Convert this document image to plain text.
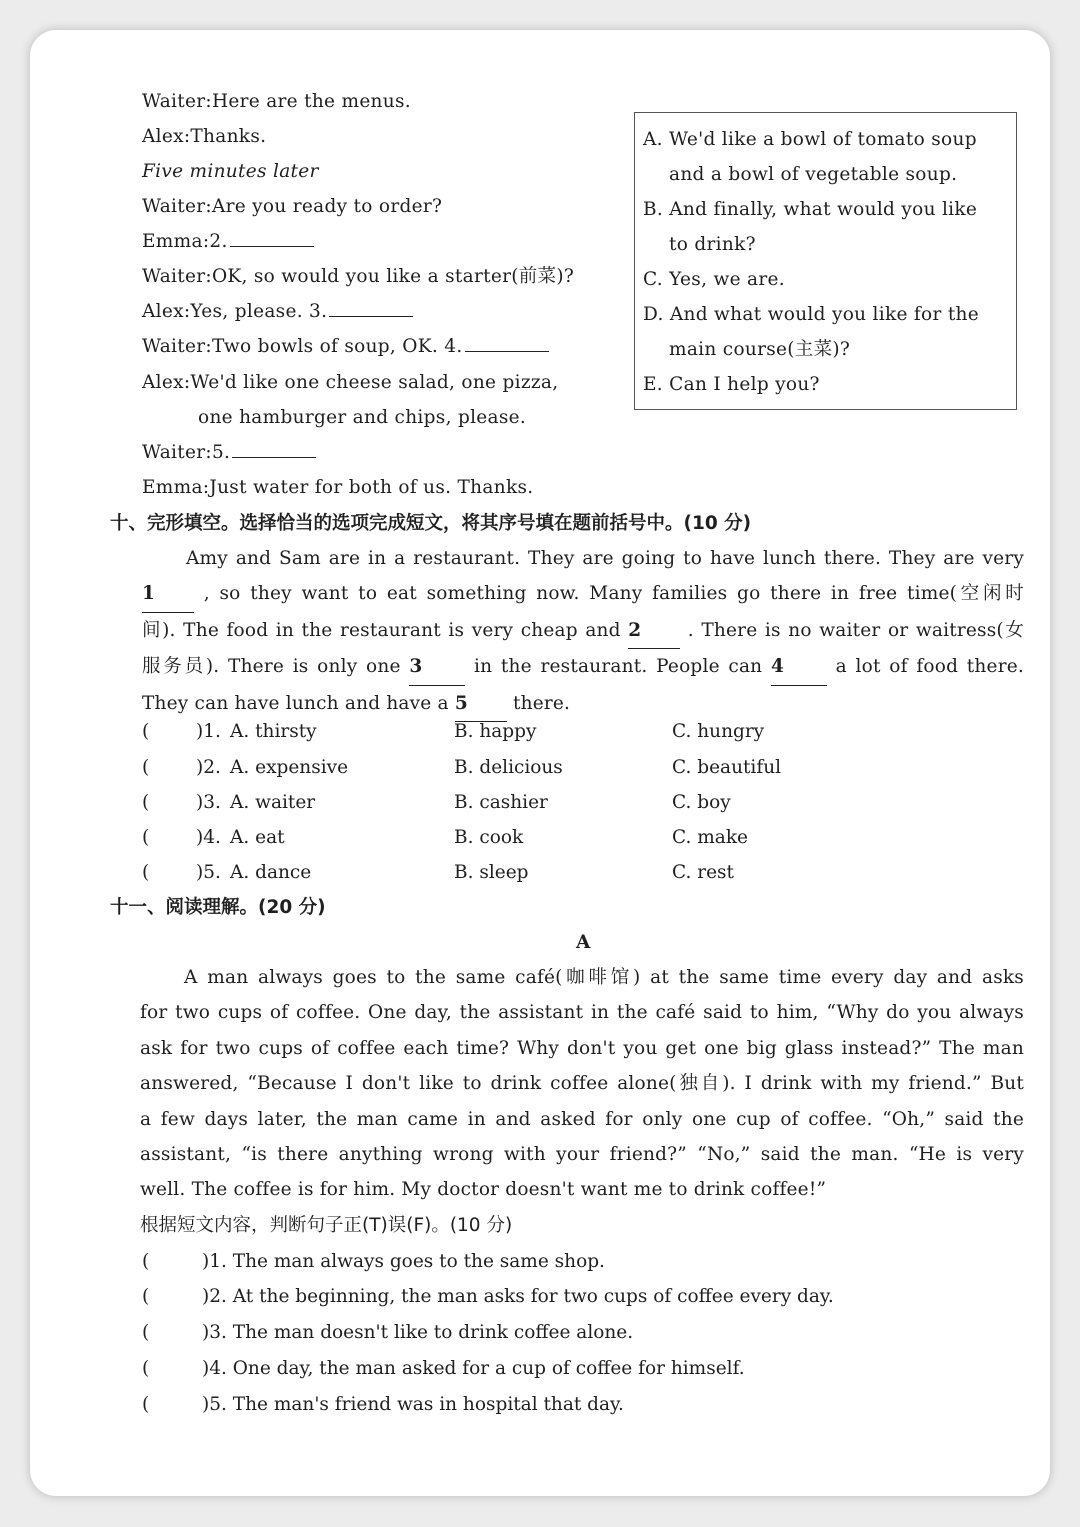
Waiter:Here are the menus.
Alex:Thanks.
Five minutes later
Waiter:Are you ready to order?
Emma:2.
Waiter:OK, so would you like a starter(前菜)?
Alex:Yes, please. 3.
Waiter:Two bowls of soup, OK. 4.
Alex:We'd like one cheese salad, one pizza,
one hamburger and chips, please.
Waiter:5.
Emma:Just water for both of us. Thanks.
A. We'd like a bowl of tomato soup
and a bowl of vegetable soup.
B. And finally, what would you like
to drink?
C. Yes, we are.
D. And what would you like for the
main course(主菜)?
E. Can I help you?
十、完形填空。选择恰当的选项完成短文，将其序号填在题前括号中。(10 分)
Amy and Sam are in a restaurant. They are going to have lunch there. They are very
1	, so they want to eat something now. Many families go there in free time(空闲时
间). The food in the restaurant is very cheap and 2	. There is no waiter or waitress(女
服务员). There is only one 3	in the restaurant. People can 4	a lot of food there.
They can have lunch and have a 5 there.
(	)1. A. thirsty	B. happy	C. hungry
(	)2. A. expensive	B. delicious	C. beautiful
(	)3. A. waiter	B. cashier	C. boy
(	)4. A. eat	B. cook	C. make
(	)5. A. dance	B. sleep	C. rest
十一、阅读理解。(20 分)
A
A man always goes to the same café(咖啡馆) at the same time every day and asks
for two cups of coffee. One day, the assistant in the café said to him, “Why do you always
ask for two cups of coffee each time? Why don't you get one big glass instead?” The man
answered, “Because I don't like to drink coffee alone(独自). I drink with my friend.” But
a few days later, the man came in and asked for only one cup of coffee. “Oh,” said the
assistant, “is there anything wrong with your friend?” “No,” said the man. “He is very
well. The coffee is for him. My doctor doesn't want me to drink coffee!”
根据短文内容，判断句子正(T)误(F)。(10 分)
(	)1. The man always goes to the same shop.
(	)2. At the beginning, the man asks for two cups of coffee every day.
(	)3. The man doesn't like to drink coffee alone.
(	)4. One day, the man asked for a cup of coffee for himself.
(	)5. The man's friend was in hospital that day.
